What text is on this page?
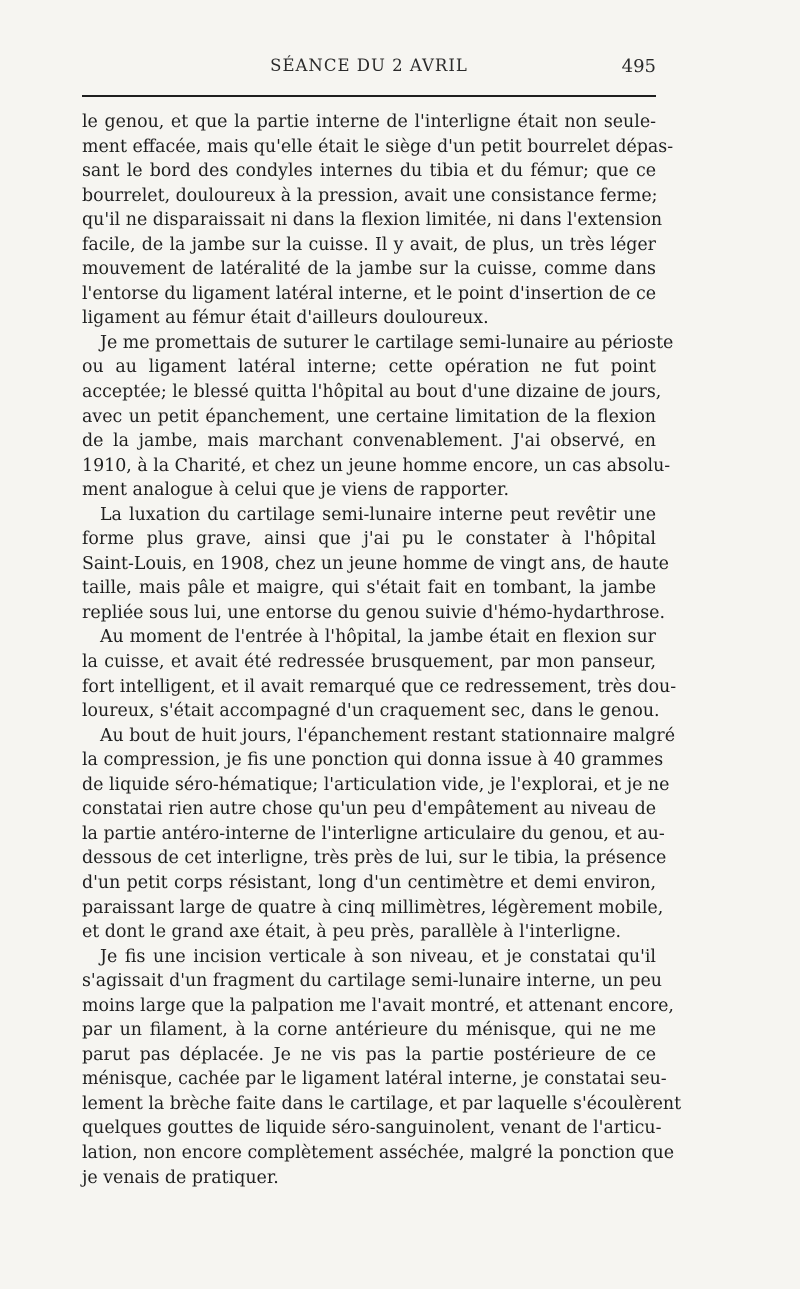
SÉANCE DU 2 AVRIL	495
le genou, et que la partie interne de l'interligne était non seule-
ment effacée, mais qu'elle était le siège d'un petit bourrelet dépas-
sant le bord des condyles internes du tibia et du fémur; que ce
bourrelet, douloureux à la pression, avait une consistance ferme;
qu'il ne disparaissait ni dans la flexion limitée, ni dans l'extension
facile, de la jambe sur la cuisse. Il y avait, de plus, un très léger
mouvement de latéralité de la jambe sur la cuisse, comme dans
l'entorse du ligament latéral interne, et le point d'insertion de ce
ligament au fémur était d'ailleurs douloureux.
Je me promettais de suturer le cartilage semi-lunaire au périoste
ou au ligament latéral interne; cette opération ne fut point
acceptée; le blessé quitta l'hôpital au bout d'une dizaine de jours,
avec un petit épanchement, une certaine limitation de la flexion
de la jambe, mais marchant convenablement. J'ai observé, en
1910, à la Charité, et chez un jeune homme encore, un cas absolu-
ment analogue à celui que je viens de rapporter.
La luxation du cartilage semi-lunaire interne peut revêtir une
forme plus grave, ainsi que j'ai pu le constater à l'hôpital
Saint-Louis, en 1908, chez un jeune homme de vingt ans, de haute
taille, mais pâle et maigre, qui s'était fait en tombant, la jambe
repliée sous lui, une entorse du genou suivie d'hémo-hydarthrose.
Au moment de l'entrée à l'hôpital, la jambe était en flexion sur
la cuisse, et avait été redressée brusquement, par mon panseur,
fort intelligent, et il avait remarqué que ce redressement, très dou-
loureux, s'était accompagné d'un craquement sec, dans le genou.
Au bout de huit jours, l'épanchement restant stationnaire malgré
la compression, je fis une ponction qui donna issue à 40 grammes
de liquide séro-hématique; l'articulation vide, je l'explorai, et je ne
constatai rien autre chose qu'un peu d'empâtement au niveau de
la partie antéro-interne de l'interligne articulaire du genou, et au-
dessous de cet interligne, très près de lui, sur le tibia, la présence
d'un petit corps résistant, long d'un centimètre et demi environ,
paraissant large de quatre à cinq millimètres, légèrement mobile,
et dont le grand axe était, à peu près, parallèle à l'interligne.
Je fis une incision verticale à son niveau, et je constatai qu'il
s'agissait d'un fragment du cartilage semi-lunaire interne, un peu
moins large que la palpation me l'avait montré, et attenant encore,
par un filament, à la corne antérieure du ménisque, qui ne me
parut pas déplacée. Je ne vis pas la partie postérieure de ce
ménisque, cachée par le ligament latéral interne, je constatai seu-
lement la brèche faite dans le cartilage, et par laquelle s'écoulèrent
quelques gouttes de liquide séro-sanguinolent, venant de l'articu-
lation, non encore complètement asséchée, malgré la ponction que
je venais de pratiquer.
